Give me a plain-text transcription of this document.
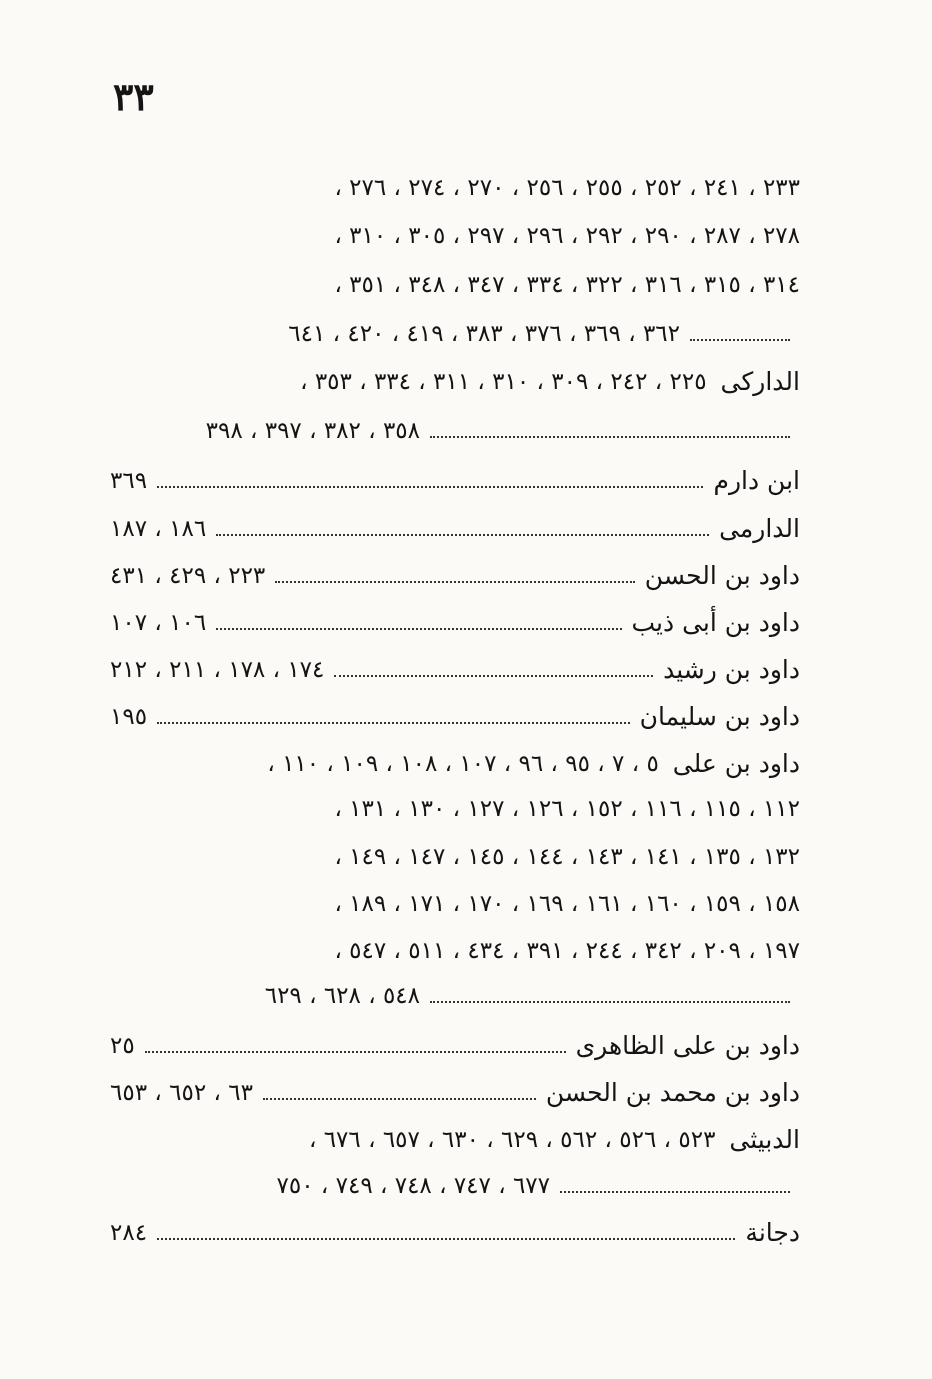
٣٣
٢٣٣ ، ٢٤١ ، ٢٥٢ ، ٢٥٥ ، ٢٥٦ ، ٢٧٠ ، ٢٧٤ ، ٢٧٦ ،
٢٧٨ ، ٢٨٧ ، ٢٩٠ ، ٢٩٢ ، ٢٩٦ ، ٢٩٧ ، ٣٠٥ ، ٣١٠ ،
٣١٤ ، ٣١٥ ، ٣١٦ ، ٣٢٢ ، ٣٣٤ ، ٣٤٧ ، ٣٤٨ ، ٣٥١ ،
٣٦٢ ، ٣٦٩ ، ٣٧٦ ، ٣٨٣ ، ٤١٩ ، ٤٢٠ ، ٦٤١
الدارکی
٢٢٥ ، ٢٤٢ ، ٣٠٩ ، ٣١٠ ، ٣١١ ، ٣٣٤ ، ٣٥٣ ،
٣٥٨ ، ٣٨٢ ، ٣٩٧ ، ٣٩٨
ابن دارم
٣٦٩
الدارمی
١٨٦ ، ١٨٧
داود بن الحسن
٢٢٣ ، ٤٢٩ ، ٤٣١
داود بن أبی ذیب
١٠٦ ، ١٠٧
داود بن رشید
١٧٤ ، ١٧٨ ، ٢١١ ، ٢١٢
داود بن سلیمان
١٩٥
داود بن علی
٥ ، ٧ ، ٩٥ ، ٩٦ ، ١٠٧ ، ١٠٨ ، ١٠٩ ، ١١٠ ،
١١٢ ، ١١٥ ، ١١٦ ، ١٥٢ ، ١٢٦ ، ١٢٧ ، ١٣٠ ، ١٣١ ،
١٣٢ ، ١٣٥ ، ١٤١ ، ١٤٣ ، ١٤٤ ، ١٤٥ ، ١٤٧ ، ١٤٩ ،
١٥٨ ، ١٥٩ ، ١٦٠ ، ١٦١ ، ١٦٩ ، ١٧٠ ، ١٧١ ، ١٨٩ ،
١٩٧ ، ٢٠٩ ، ٣٤٢ ، ٢٤٤ ، ٣٩١ ، ٤٣٤ ، ٥١١ ، ٥٤٧ ،
٥٤٨ ، ٦٢٨ ، ٦٢٩
داود بن علی الظاهری
٢٥
داود بن محمد بن الحسن
٦٣ ، ٦٥٢ ، ٦٥٣
الدبیثی
٥٢٣ ، ٥٢٦ ، ٥٦٢ ، ٦٢٩ ، ٦٣٠ ، ٦٥٧ ، ٦٧٦ ،
٦٧٧ ، ٧٤٧ ، ٧٤٨ ، ٧٤٩ ، ٧٥٠
دجانة
٢٨٤
